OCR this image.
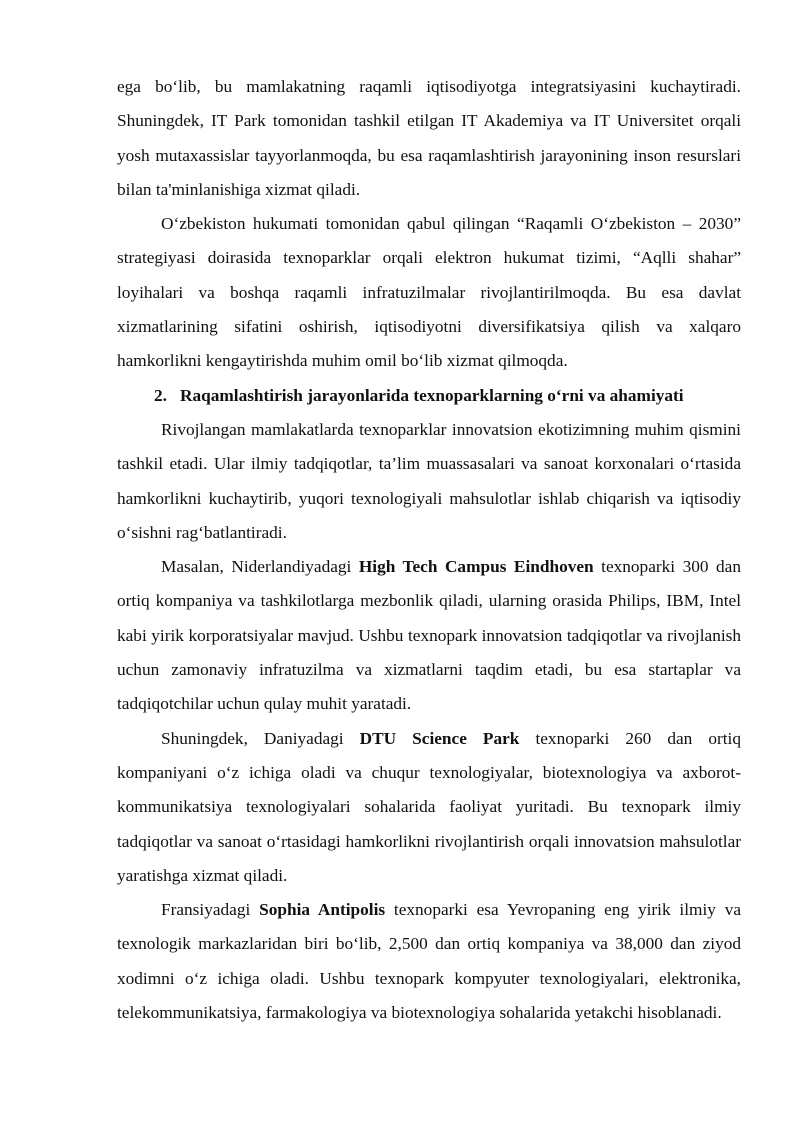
ega bo‘lib, bu mamlakatning raqamli iqtisodiyotga integratsiyasini kuchaytiradi. Shuningdek, IT Park tomonidan tashkil etilgan IT Akademiya va IT Universitet orqali yosh mutaxassislar tayyorlanmoqda, bu esa raqamlashtirish jarayonining inson resurslari bilan ta'minlanishiga xizmat qiladi.

O‘zbekiston hukumati tomonidan qabul qilingan “Raqamli O‘zbekiston – 2030” strategiyasi doirasida texnoparklar orqali elektron hukumat tizimi, “Aqlli shahar” loyihalari va boshqa raqamli infratuzilmalar rivojlantirilmoqda. Bu esa davlat xizmatlarining sifatini oshirish, iqtisodiyotni diversifikatsiya qilish va xalqaro hamkorlikni kengaytirishda muhim omil bo‘lib xizmat qilmoqda.

2. Raqamlashtirish jarayonlarida texnoparklarning o‘rni va ahamiyati

Rivojlangan mamlakatlarda texnoparklar innovatsion ekotizimning muhim qismini tashkil etadi. Ular ilmiy tadqiqotlar, ta’lim muassasalari va sanoat korxonalari o‘rtasida hamkorlikni kuchaytirib, yuqori texnologiyali mahsulotlar ishlab chiqarish va iqtisodiy o‘sishni rag‘batlantiradi.

Masalan, Niderlandiyadagi High Tech Campus Eindhoven texnoparki 300 dan ortiq kompaniya va tashkilotlarga mezbonlik qiladi, ularning orasida Philips, IBM, Intel kabi yirik korporatsiyalar mavjud. Ushbu texnopark innovatsion tadqiqotlar va rivojlanish uchun zamonaviy infratuzilma va xizmatlarni taqdim etadi, bu esa startaplar va tadqiqotchilar uchun qulay muhit yaratadi.

Shuningdek, Daniyadagi DTU Science Park texnoparki 260 dan ortiq kompaniyani o‘z ichiga oladi va chuqur texnologiyalar, biotexnologiya va axborot-kommunikatsiya texnologiyalari sohalarida faoliyat yuritadi. Bu texnopark ilmiy tadqiqotlar va sanoat o‘rtasidagi hamkorlikni rivojlantirish orqali innovatsion mahsulotlar yaratishga xizmat qiladi.

Fransiyadagi Sophia Antipolis texnoparki esa Yevropaning eng yirik ilmiy va texnologik markazlaridan biri bo‘lib, 2,500 dan ortiq kompaniya va 38,000 dan ziyod xodimni o‘z ichiga oladi. Ushbu texnopark kompyuter texnologiyalari, elektronika, telekommunikatsiya, farmakologiya va biotexnologiya sohalarida yetakchi hisoblanadi.
